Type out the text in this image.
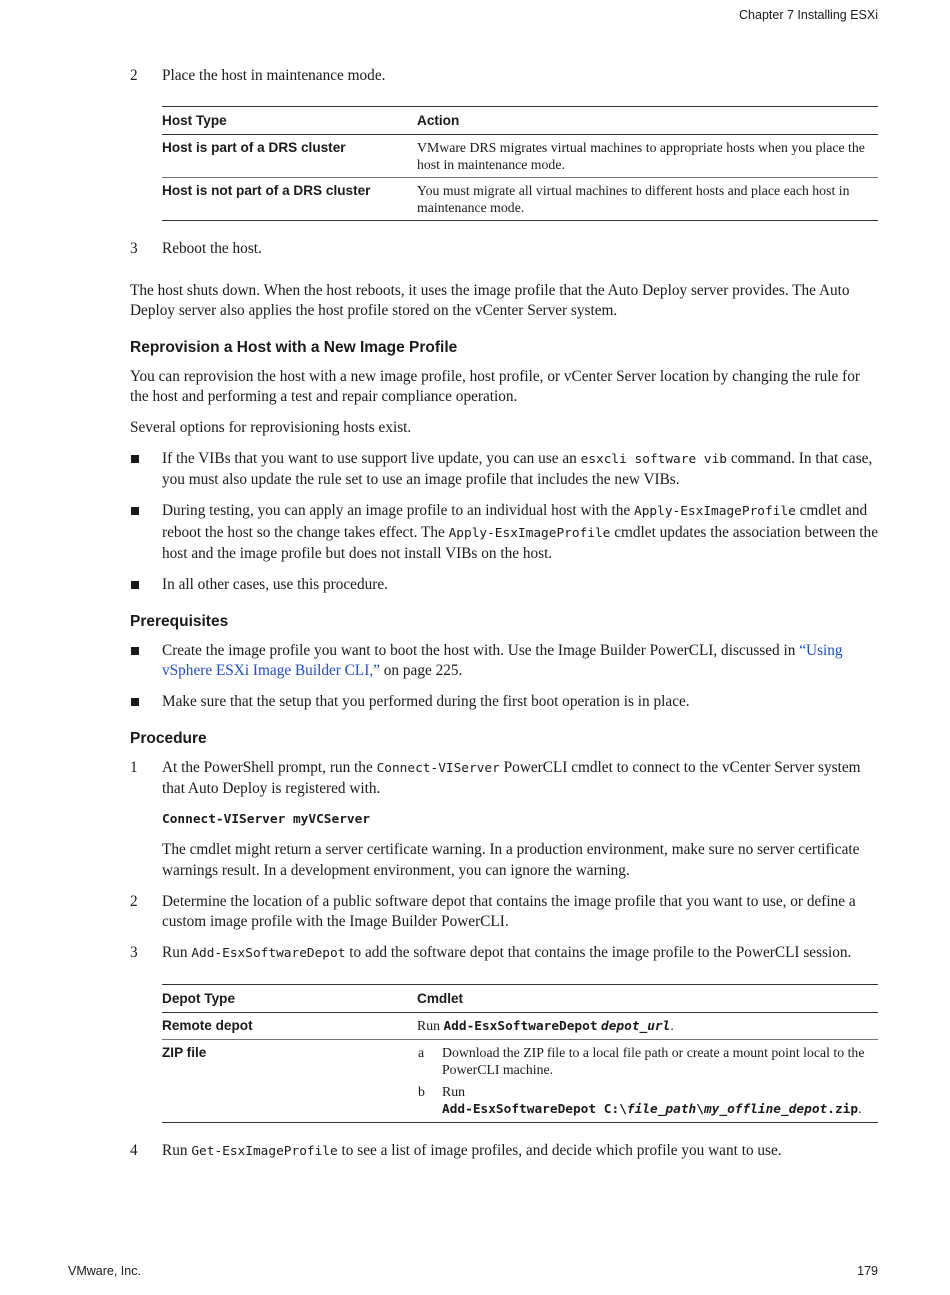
Chapter 7 Installing ESXi
2 Place the host in maintenance mode.
Host Type	Action
Host is part of a DRS cluster	VMware DRS migrates virtual machines to appropriate hosts when you place the host in maintenance mode.
Host is not part of a DRS cluster	You must migrate all virtual machines to different hosts and place each host in maintenance mode.
3 Reboot the host.

The host shuts down. When the host reboots, it uses the image profile that the Auto Deploy server provides. The Auto Deploy server also applies the host profile stored on the vCenter Server system.

Reprovision a Host with a New Image Profile

You can reprovision the host with a new image profile, host profile, or vCenter Server location by changing the rule for the host and performing a test and repair compliance operation.

Several options for reprovisioning hosts exist.

If the VIBs that you want to use support live update, you can use an esxcli software vib command. In that case, you must also update the rule set to use an image profile that includes the new VIBs.
During testing, you can apply an image profile to an individual host with the Apply-EsxImageProfile cmdlet and reboot the host so the change takes effect. The Apply-EsxImageProfile cmdlet updates the association between the host and the image profile but does not install VIBs on the host.
In all other cases, use this procedure.
Prerequisites
Create the image profile you want to boot the host with. Use the Image Builder PowerCLI, discussed in “Using vSphere ESXi Image Builder CLI,” on page 225.
Make sure that the setup that you performed during the first boot operation is in place.
Procedure
1 At the PowerShell prompt, run the Connect-VIServer PowerCLI cmdlet to connect to the vCenter Server system that Auto Deploy is registered with.
Connect-VIServer myVCServer
The cmdlet might return a server certificate warning. In a production environment, make sure no server certificate warnings result. In a development environment, you can ignore the warning.
2 Determine the location of a public software depot that contains the image profile that you want to use, or define a custom image profile with the Image Builder PowerCLI.
3 Run Add-EsxSoftwareDepot to add the software depot that contains the image profile to the PowerCLI session.
Depot Type	Cmdlet
Remote depot	Run Add-EsxSoftwareDepot depot_url.
ZIP file	a Download the ZIP file to a local file path or create a mount point local to the PowerCLI machine.
b Run
Add-EsxSoftwareDepot C:\file_path\my_offline_depot.zip.
4 Run Get-EsxImageProfile to see a list of image profiles, and decide which profile you want to use.
VMware, Inc.	179
